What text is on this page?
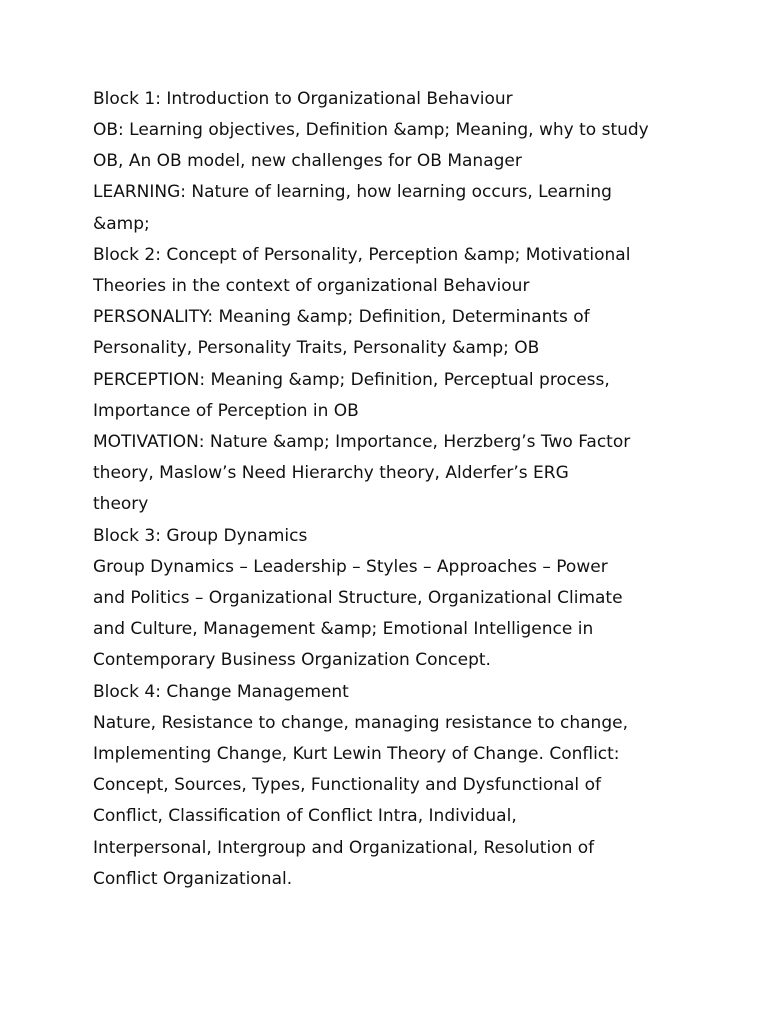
Block 1: Introduction to Organizational Behaviour

OB: Learning objectives, Definition &amp; Meaning, why to study

OB, An OB model, new challenges for OB Manager

LEARNING: Nature of learning, how learning occurs, Learning

&amp;

Block 2: Concept of Personality, Perception &amp; Motivational

Theories in the context of organizational Behaviour

PERSONALITY: Meaning &amp; Definition, Determinants of

Personality, Personality Traits, Personality &amp; OB

PERCEPTION: Meaning &amp; Definition, Perceptual process,

Importance of Perception in OB

MOTIVATION: Nature &amp; Importance, Herzberg’s Two Factor

theory, Maslow’s Need Hierarchy theory, Alderfer’s ERG

theory

Block 3: Group Dynamics

Group Dynamics – Leadership – Styles – Approaches – Power

and Politics – Organizational Structure, Organizational Climate

and Culture, Management &amp; Emotional Intelligence in

Contemporary Business Organization Concept.

Block 4: Change Management

Nature, Resistance to change, managing resistance to change,

Implementing Change, Kurt Lewin Theory of Change. Conflict:

Concept, Sources, Types, Functionality and Dysfunctional of

Conflict, Classification of Conflict Intra, Individual,

Interpersonal, Intergroup and Organizational, Resolution of

Conflict Organizational.
